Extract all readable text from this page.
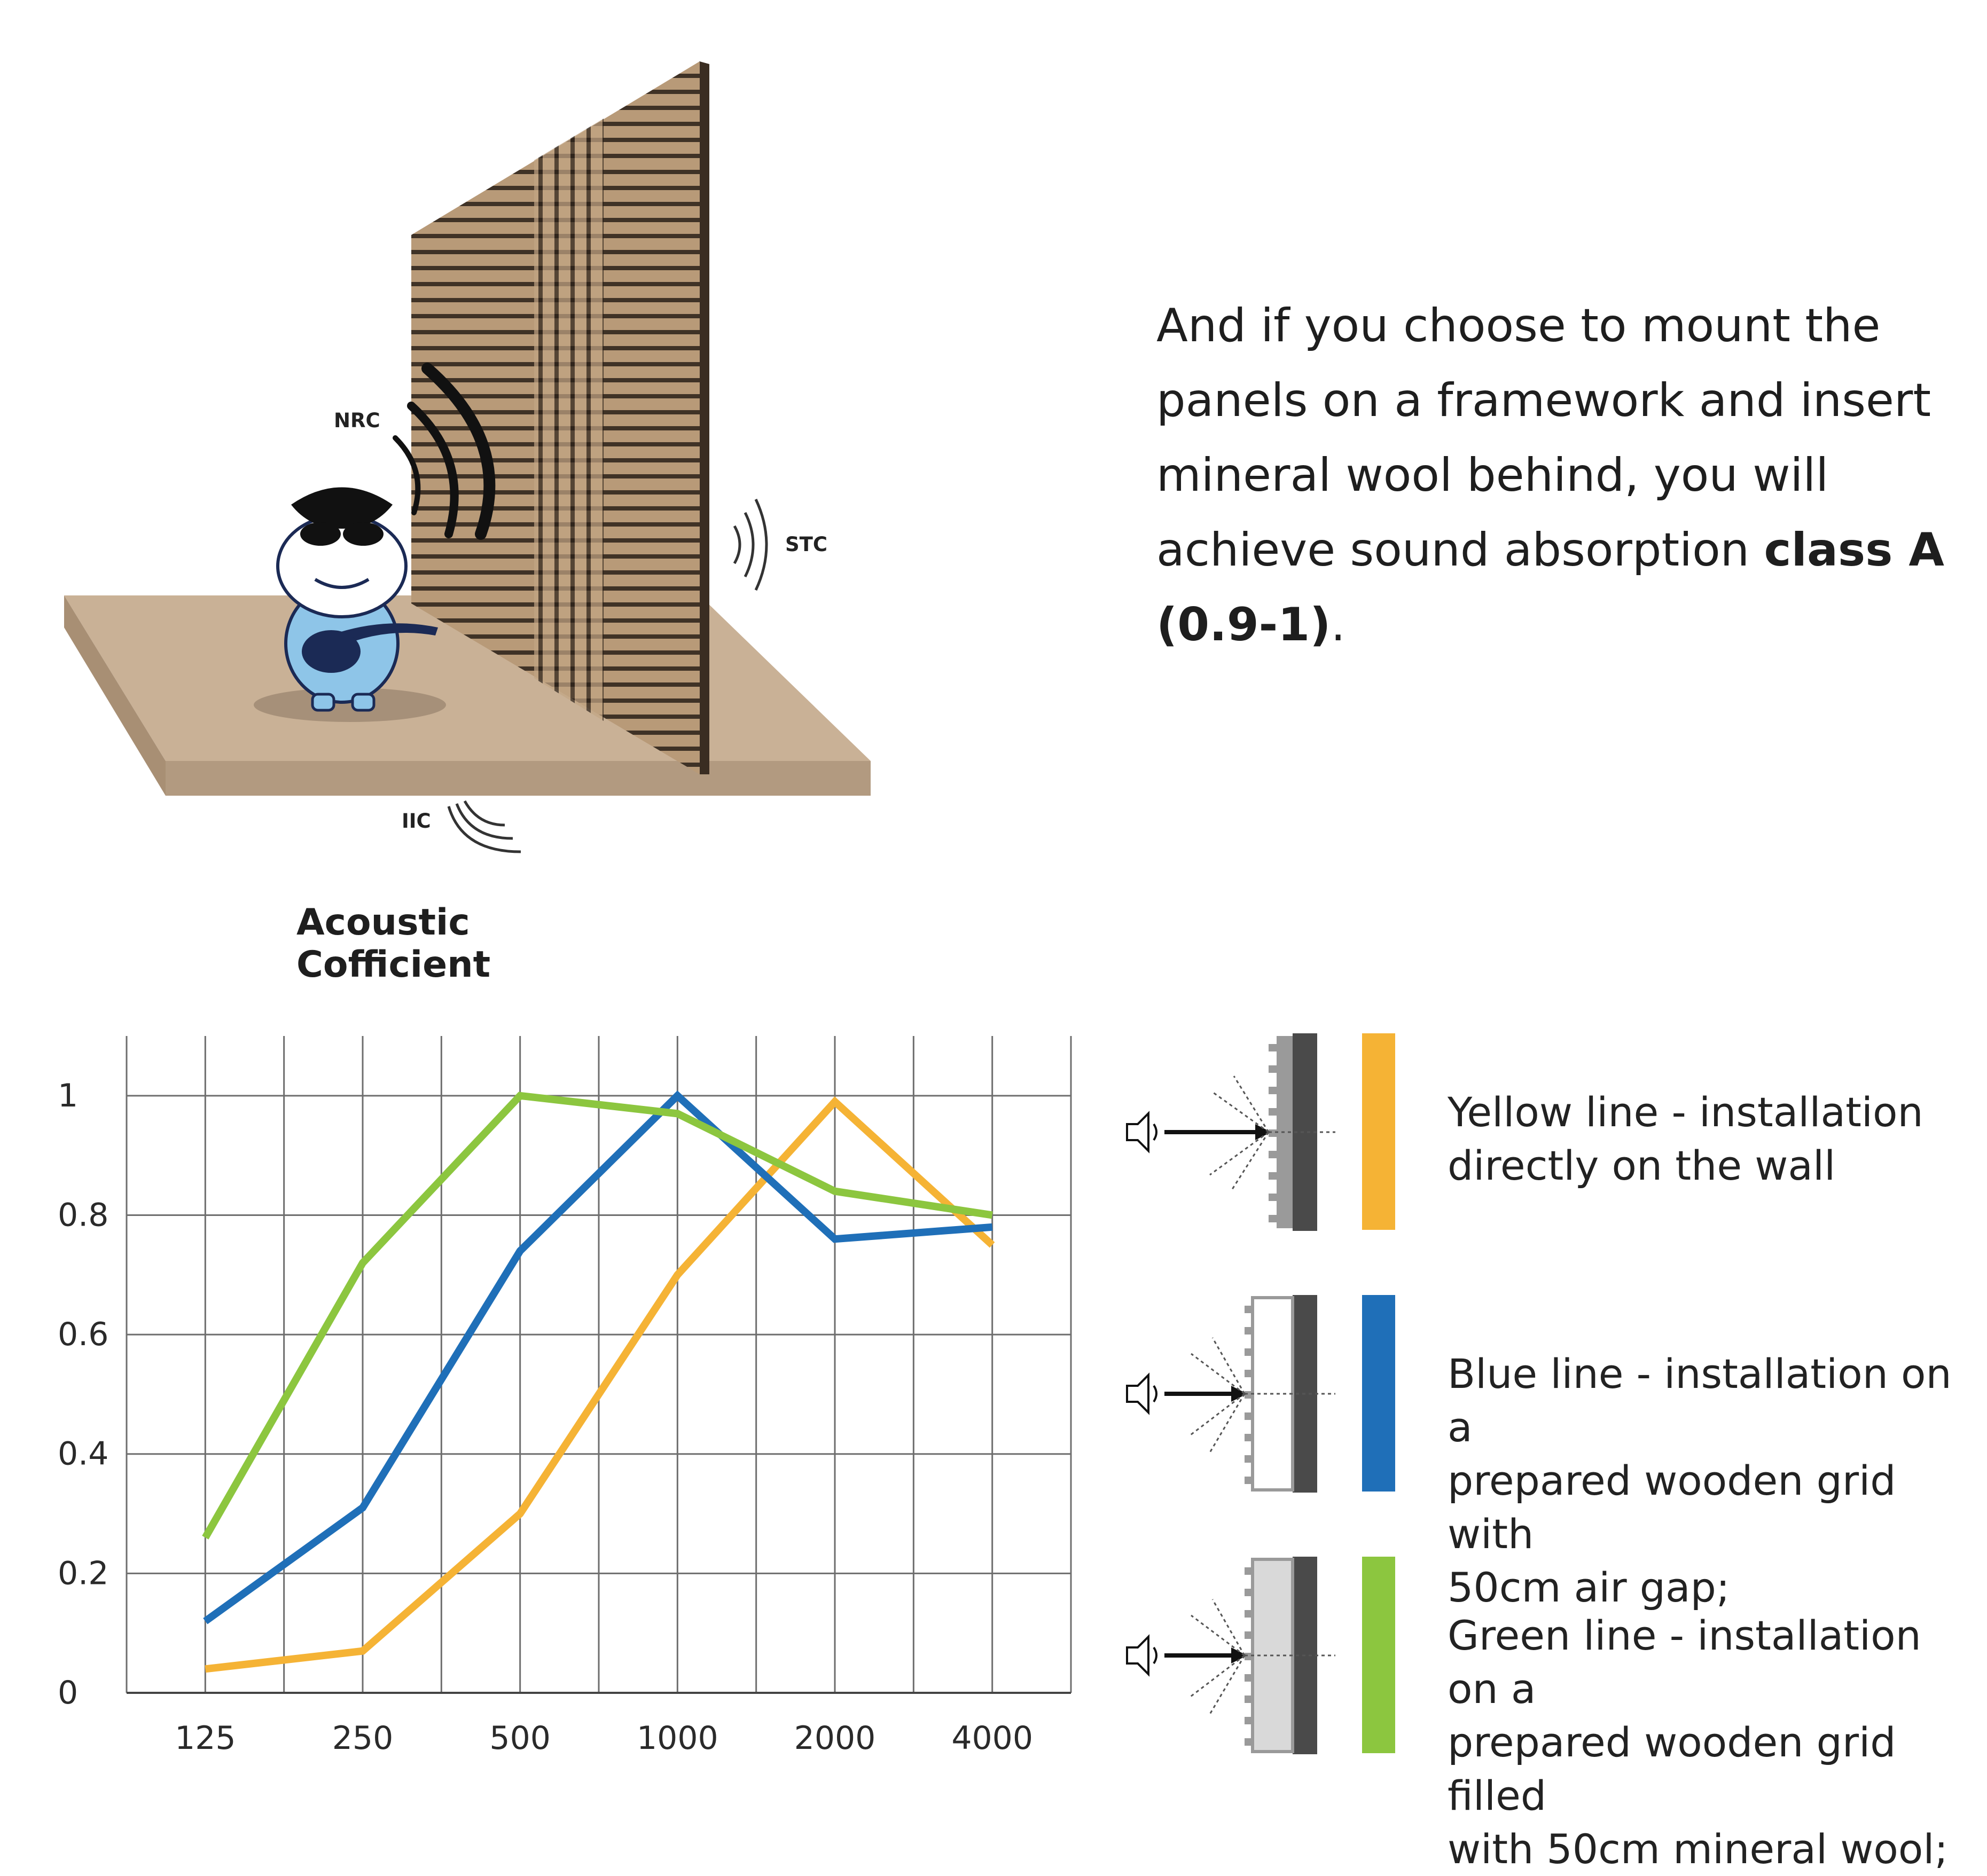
NRC
STC
IIC
And if you choose to mount the panels on a framework and insert mineral wool behind, you will achieve sound absorption class A (0.9-1).
Acoustic Cofficient
0
0.2
0.4
0.6
0.8
1
125	250	500	1000 2000 4000
Yellow line - installation
directly on the wall
Blue line - installation on a
prepared wooden grid with
50cm air gap;
Green line - installation on a
prepared wooden grid filled
with 50cm mineral wool;
